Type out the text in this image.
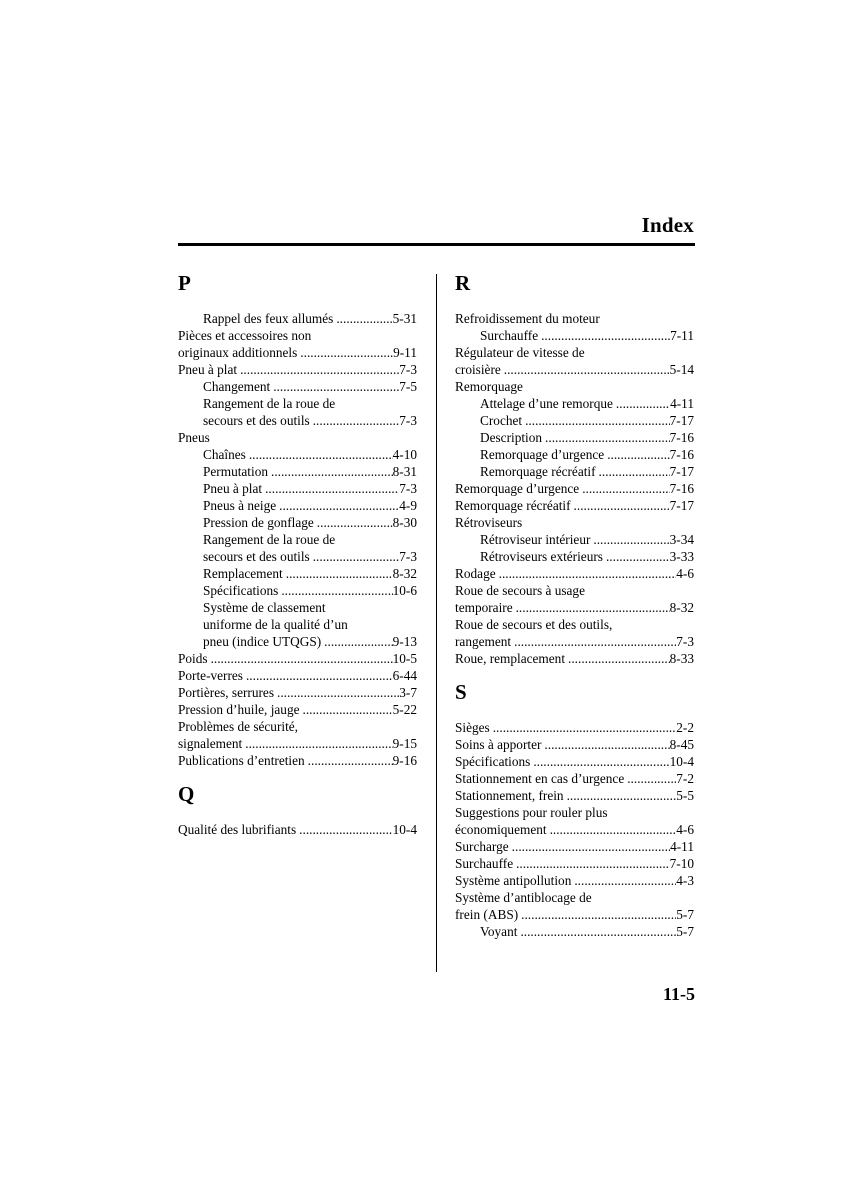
Index
P
Rappel des feux allumés .....	5-31
Pièces et accessoires non
originaux additionnels .....	9-11
Pneu à plat .....	7-3
Changement .....	7-5
Rangement de la roue de
secours et des outils .....	7-3
Pneus
Chaînes .....	4-10
Permutation .....	8-31
Pneu à plat .....	7-3
Pneus à neige .....	4-9
Pression de gonflage .....	8-30
Rangement de la roue de
secours et des outils .....	7-3
Remplacement .....	8-32
Spécifications .....	10-6
Système de classement
uniforme de la qualité d’un
pneu (indice UTQGS) .....	9-13
Poids .....	10-5
Porte-verres .....	6-44
Portières, serrures .....	3-7
Pression d’huile, jauge .....	5-22
Problèmes de sécurité,
signalement .....	9-15
Publications d’entretien .....	9-16
Q
Qualité des lubrifiants .....	10-4
R
Refroidissement du moteur
Surchauffe .....	7-11
Régulateur de vitesse de
croisière .....	5-14
Remorquage
Attelage d’une remorque .....	4-11
Crochet .....	7-17
Description .....	7-16
Remorquage d’urgence .....	7-16
Remorquage récréatif .....	7-17
Remorquage d’urgence .....	7-16
Remorquage récréatif .....	7-17
Rétroviseurs
Rétroviseur intérieur .....	3-34
Rétroviseurs extérieurs .....	3-33
Rodage .....	4-6
Roue de secours à usage
temporaire .....	8-32
Roue de secours et des outils,
rangement .....	7-3
Roue, remplacement .....	8-33
S
Sièges .....	2-2
Soins à apporter .....	8-45
Spécifications .....	10-4
Stationnement en cas d’urgence .....	7-2
Stationnement, frein .....	5-5
Suggestions pour rouler plus
économiquement .....	4-6
Surcharge .....	4-11
Surchauffe .....	7-10
Système antipollution .....	4-3
Système d’antiblocage de
frein (ABS) .....	5-7
Voyant .....	5-7
11-5
